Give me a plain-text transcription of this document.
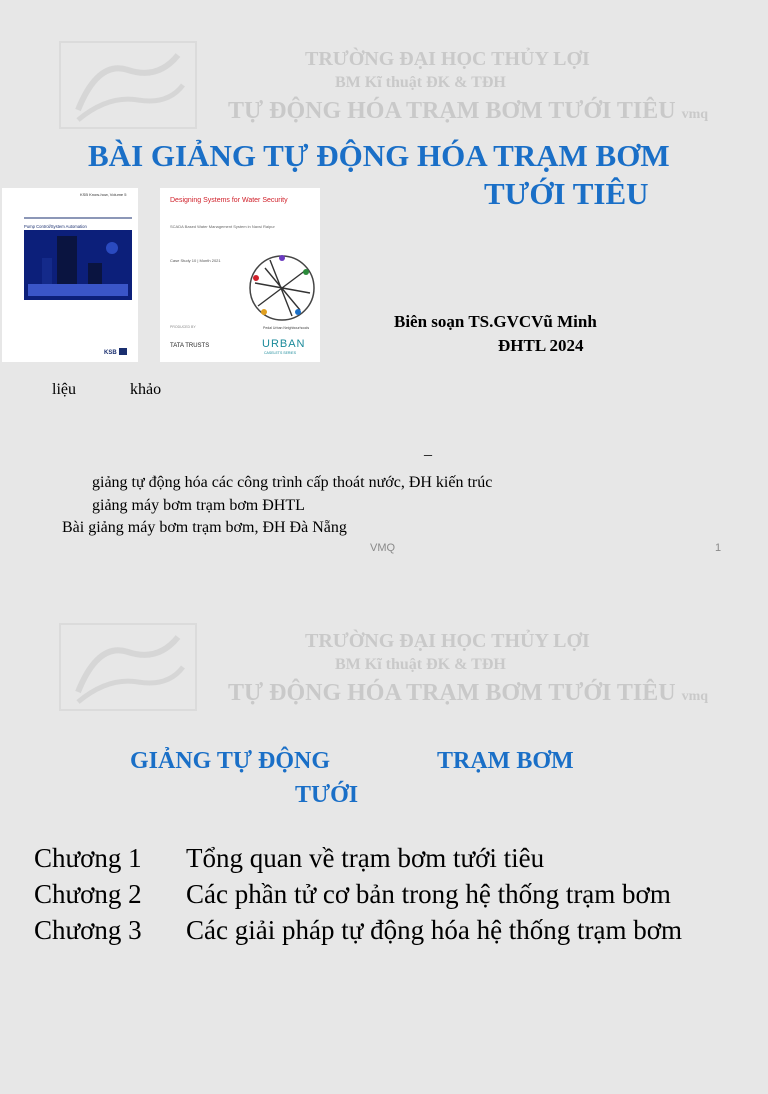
TRƯỜNG ĐẠI HỌC THỦY LỢI
BM Kĩ thuật ĐK & TĐH
TỰ ĐỘNG HÓA TRẠM BƠM TƯỚI TIÊU vmq
BÀI GIẢNG TỰ ĐỘNG HÓA TRẠM BƠM
TƯỚI TIÊU
KSB Know-how, Volume 5
Pump Control/System Automation
KSB
Designing Systems for Water Security
SCADA Based Water Management System in Navsi Raipur
Case Study 10 | Month 2021
PRODUCED BY
TATA TRUSTS
Pedal Urban Neighbourhoods
URBAN
CASELETS SERIES
Biên soạn TS.GVCVũ Minh
ĐHTL 2024
liệu	khảo
_
giảng tự động hóa các công trình cấp thoát nước, ĐH kiến trúc
giảng máy bơm trạm bơm ĐHTL
Bài giảng máy bơm trạm bơm, ĐH Đà Nẵng
VMQ	1
TRƯỜNG ĐẠI HỌC THỦY LỢI
BM Kĩ thuật ĐK & TĐH
TỰ ĐỘNG HÓA TRẠM BƠM TƯỚI TIÊU vmq
GIẢNG TỰ ĐỘNG	TRẠM BƠM
TƯỚI
Chương 1 Tổng quan về trạm bơm tưới tiêu
Chương 2 Các phần tử cơ bản trong hệ thống trạm bơm
Chương 3 Các giải pháp tự động hóa hệ thống trạm bơm
